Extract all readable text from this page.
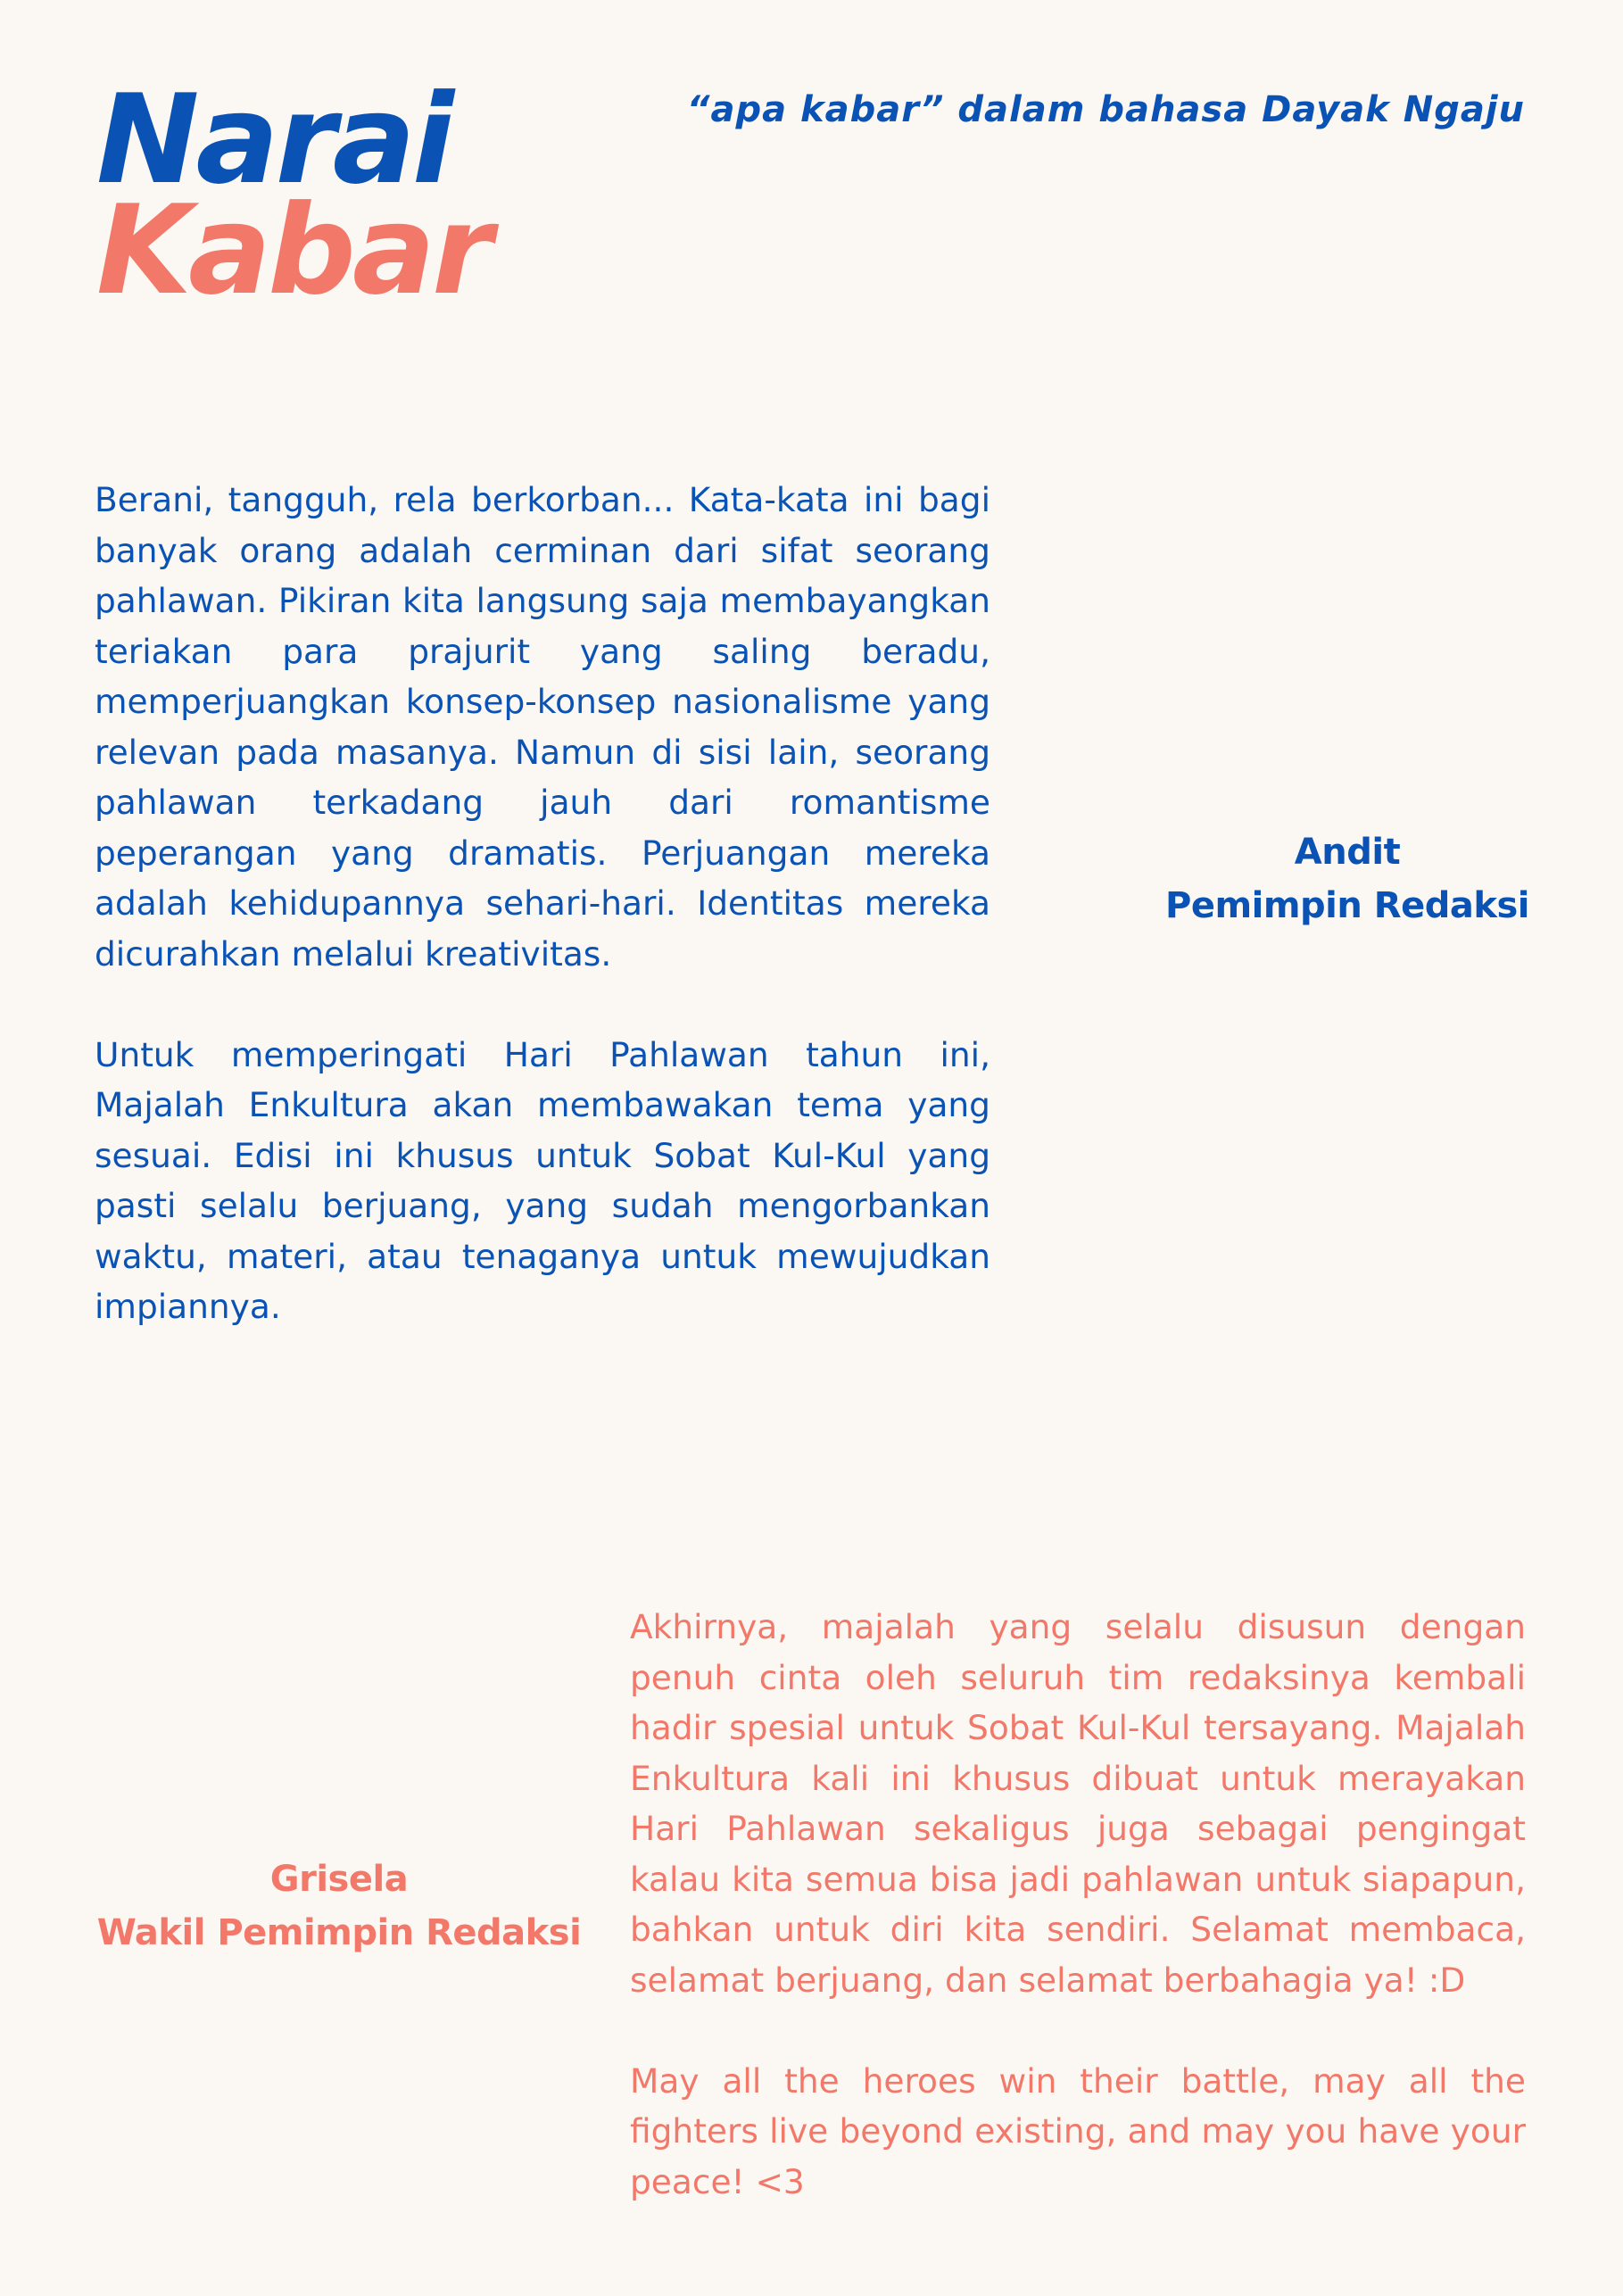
Narai
Kabar
“apa kabar” dalam bahasa Dayak Ngaju

Berani, tangguh, rela berkorban... Kata-kata ini bagi banyak orang adalah cerminan dari sifat seorang pahlawan. Pikiran kita langsung saja membayangkan teriakan para prajurit yang saling beradu, memperjuangkan konsep-konsep nasionalisme yang relevan pada masanya. Namun di sisi lain, seorang pahlawan terkadang jauh dari romantisme peperangan yang dramatis. Perjuangan mereka adalah kehidupannya sehari-hari. Identitas mereka dicurahkan melalui kreativitas.

Untuk memperingati Hari Pahlawan tahun ini, Majalah Enkultura akan membawakan tema yang sesuai. Edisi ini khusus untuk Sobat Kul-Kul yang pasti selalu berjuang, yang sudah mengorbankan waktu, materi, atau tenaganya untuk mewujudkan impiannya.

Andit
Pemimpin Redaksi
Grisela
Wakil Pemimpin Redaksi

Akhirnya, majalah yang selalu disusun dengan penuh cinta oleh seluruh tim redaksinya kembali hadir spesial untuk Sobat Kul-Kul tersayang. Majalah Enkultura kali ini khusus dibuat untuk merayakan Hari Pahlawan sekaligus juga sebagai pengingat kalau kita semua bisa jadi pahlawan untuk siapapun, bahkan untuk diri kita sendiri. Selamat membaca, selamat berjuang, dan selamat berbahagia ya! :D

May all the heroes win their battle, may all the fighters live beyond existing, and may you have your peace! <3
